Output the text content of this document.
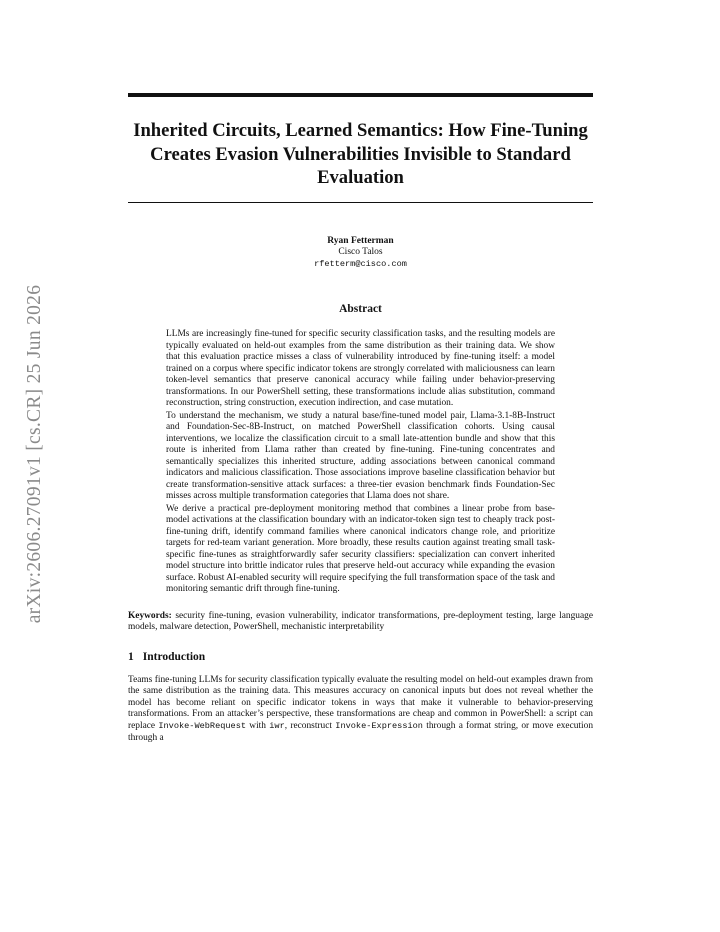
arXiv:2606.27091v1 [cs.CR] 25 Jun 2026
Inherited Circuits, Learned Semantics: How Fine-Tuning Creates Evasion Vulnerabilities Invisible to Standard Evaluation
Ryan Fetterman
Cisco Talos
rfetterm@cisco.com
Abstract

LLMs are increasingly fine-tuned for specific security classification tasks, and the resulting models are typically evaluated on held-out examples from the same distribution as their training data. We show that this evaluation practice misses a class of vulnerability introduced by fine-tuning itself: a model trained on a corpus where specific indicator tokens are strongly correlated with maliciousness can learn token-level semantics that preserve canonical accuracy while failing under behavior-preserving transformations. In our PowerShell setting, these transformations include alias substitution, command reconstruction, string construction, execution indirection, and case mutation.

To understand the mechanism, we study a natural base/fine-tuned model pair, Llama-3.1-8B-Instruct and Foundation-Sec-8B-Instruct, on matched PowerShell classification cohorts. Using causal interventions, we localize the classification circuit to a small late-attention bundle and show that this route is inherited from Llama rather than created by fine-tuning. Fine-tuning concentrates and semantically specializes this inherited structure, adding associations between canonical command indicators and malicious classification. Those associations improve baseline classification behavior but create transformation-sensitive attack surfaces: a three-tier evasion benchmark finds Foundation-Sec misses across multiple transformation categories that Llama does not share.

We derive a practical pre-deployment monitoring method that combines a linear probe from base-model activations at the classification boundary with an indicator-token sign test to cheaply track post-fine-tuning drift, identify command families where canonical indicators change role, and prioritize targets for red-team variant generation. More broadly, these results caution against treating small task-specific fine-tunes as straightforwardly safer security classifiers: specialization can convert inherited model structure into brittle indicator rules that preserve held-out accuracy while expanding the evasion surface. Robust AI-enabled security will require specifying the full transformation space of the task and monitoring semantic drift through fine-tuning.

Keywords: security fine-tuning, evasion vulnerability, indicator transformations, pre-deployment testing, large language models, malware detection, PowerShell, mechanistic interpretability
1 Introduction
Teams fine-tuning LLMs for security classification typically evaluate the resulting model on held-out examples drawn from the same distribution as the training data. This measures accuracy on canonical inputs but does not reveal whether the model has become reliant on specific indicator tokens in ways that make it vulnerable to behavior-preserving transformations. From an attacker’s perspective, these transformations are cheap and common in PowerShell: a script can replace Invoke-WebRequest with iwr, reconstruct Invoke-Expression through a format string, or move execution through a
